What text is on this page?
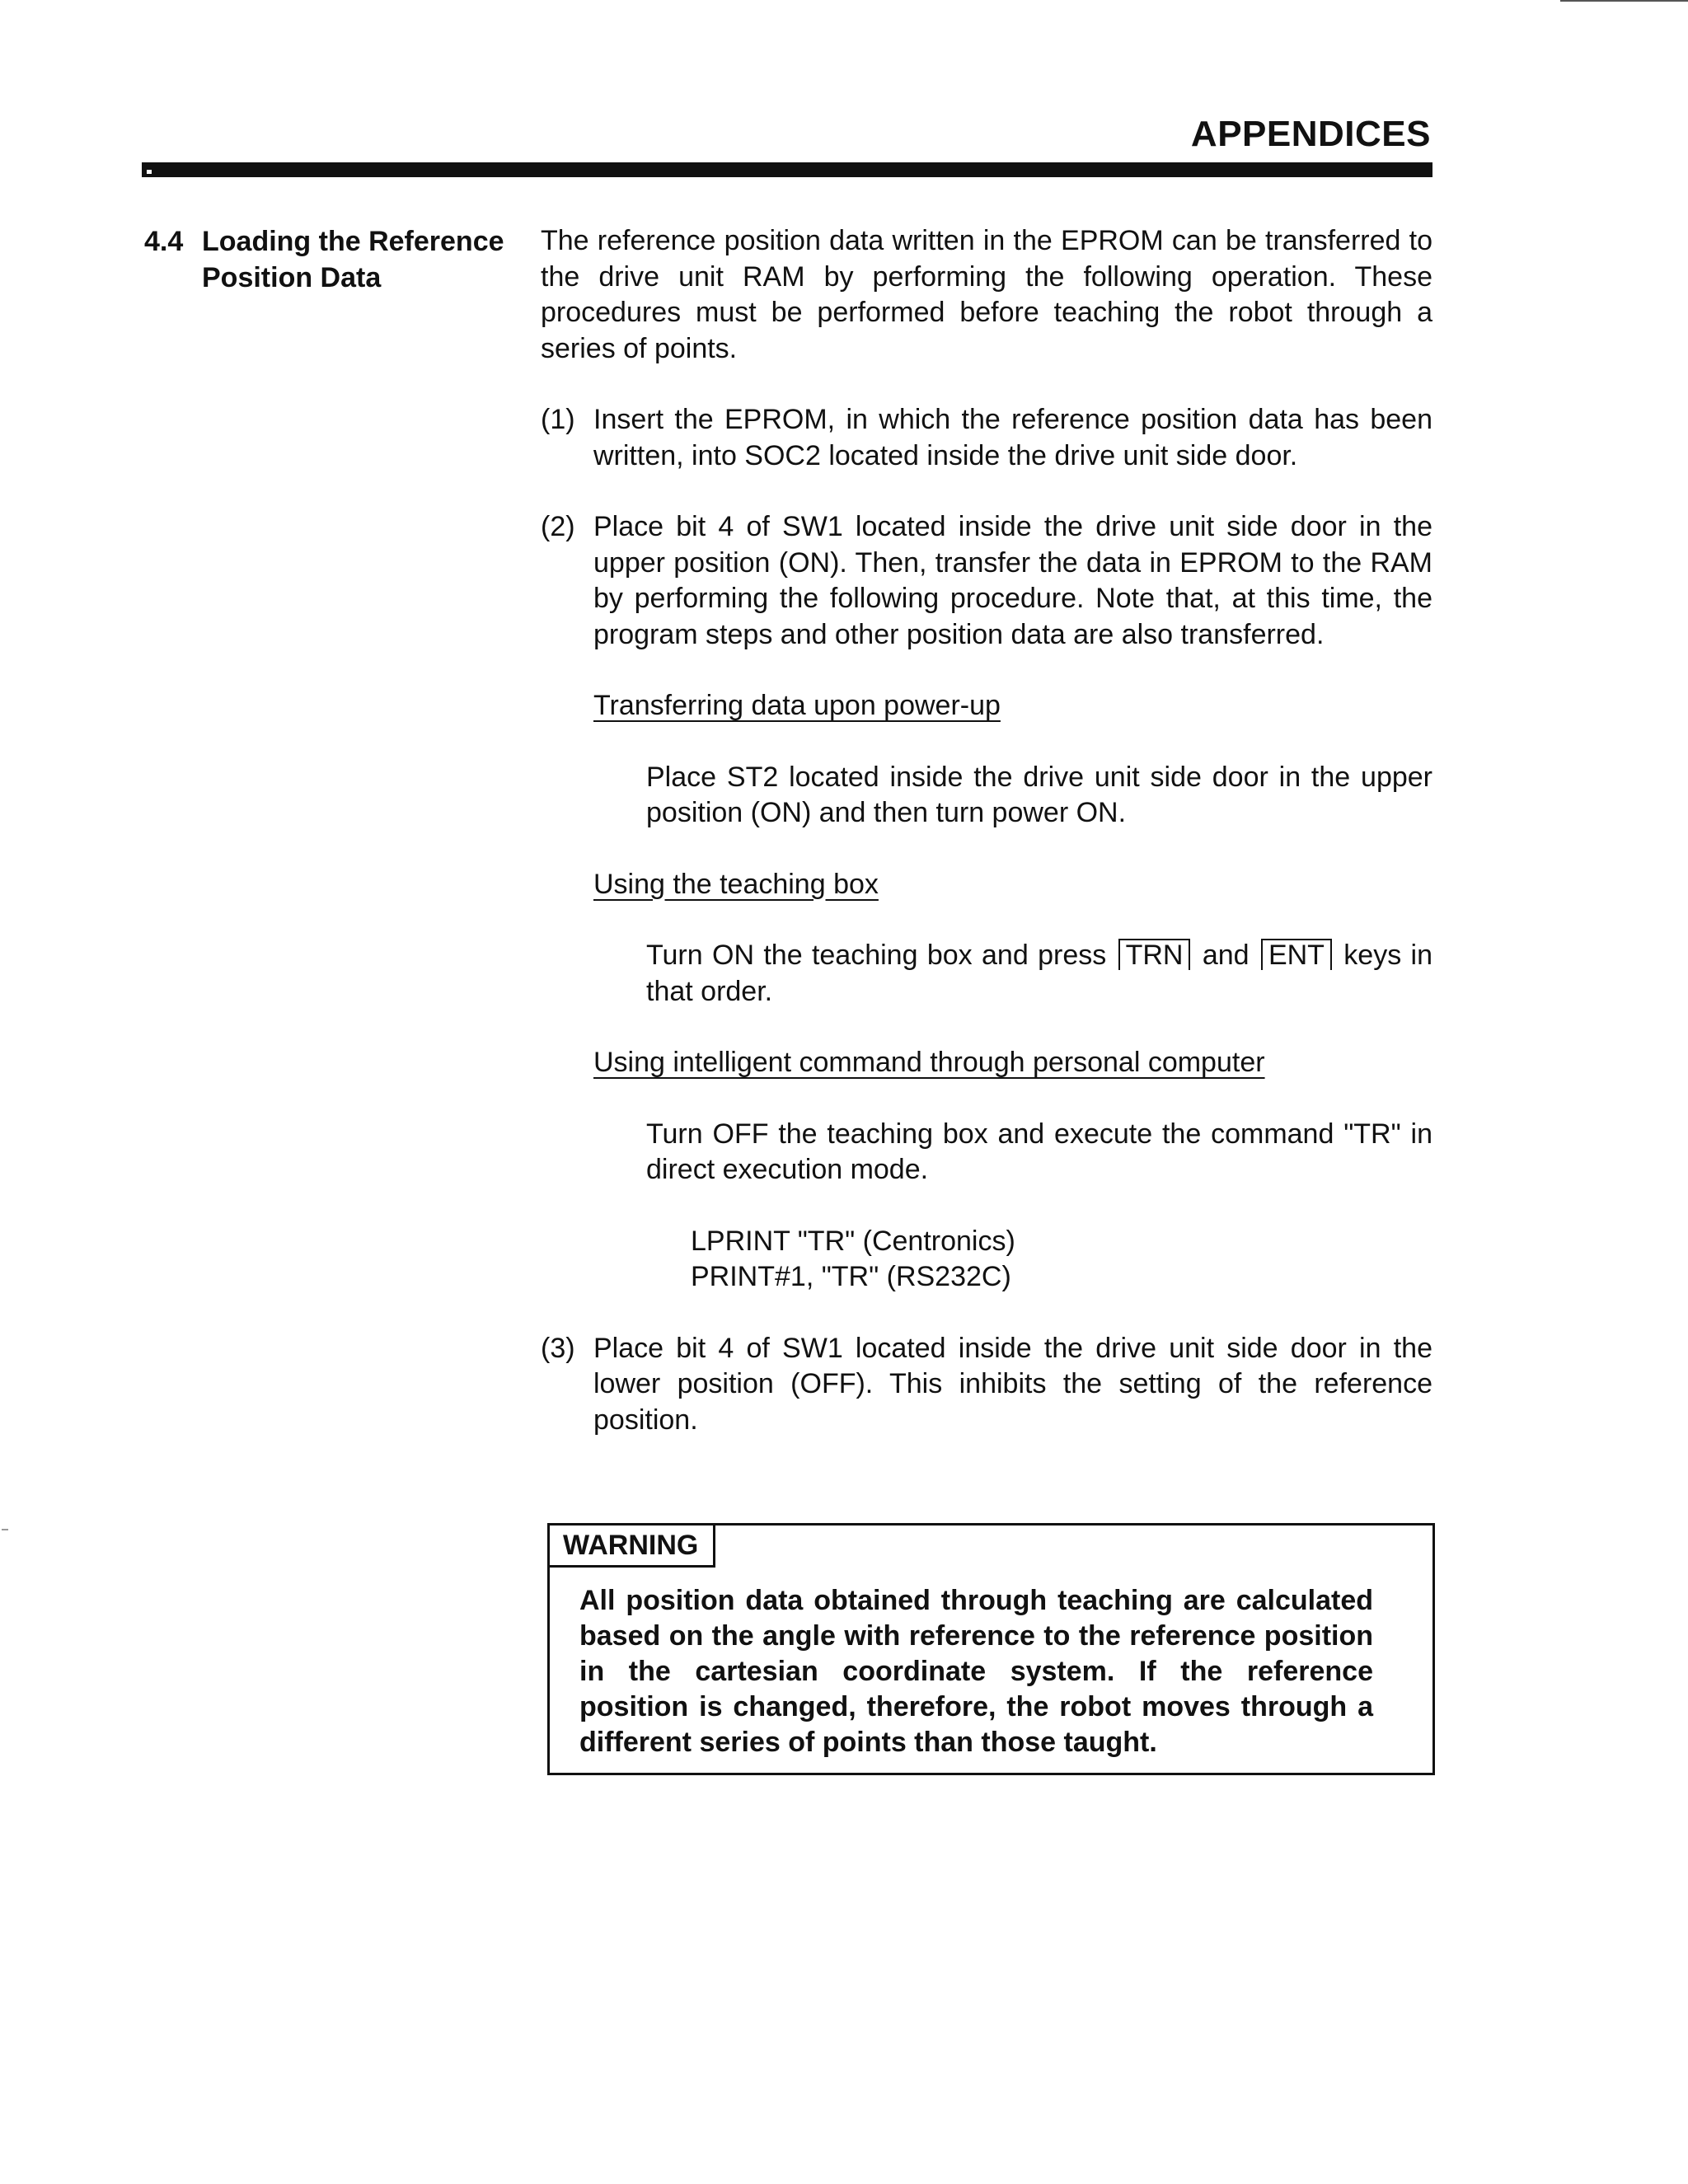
APPENDICES
4.4 Loading the Reference
Position Data

The reference position data written in the EPROM can be transferred to the drive unit RAM by performing the following operation. These procedures must be performed before teaching the robot through a series of points.

(1) Insert the EPROM, in which the reference position data has been written, into SOC2 located inside the drive unit side door.

(2) Place bit 4 of SW1 located inside the drive unit side door in the upper position (ON). Then, transfer the data in EPROM to the RAM by performing the following procedure. Note that, at this time, the program steps and other position data are also transferred.

Transferring data upon power-up

Place ST2 located inside the drive unit side door in the upper position (ON) and then turn power ON.

Using the teaching box

Turn ON the teaching box and press TRN and ENT keys in that order.

Using intelligent command through personal computer

Turn OFF the teaching box and execute the command "TR" in direct execution mode.

LPRINT "TR" (Centronics)
PRINT#1, "TR" (RS232C)
(3) Place bit 4 of SW1 located inside the drive unit side door in the lower position (OFF). This inhibits the setting of the reference position.

WARNING
All position data obtained through teaching are calculated based on the angle with reference to the reference position in the cartesian coordinate system. If the reference position is changed, therefore, the robot moves through a different series of points than those taught.
